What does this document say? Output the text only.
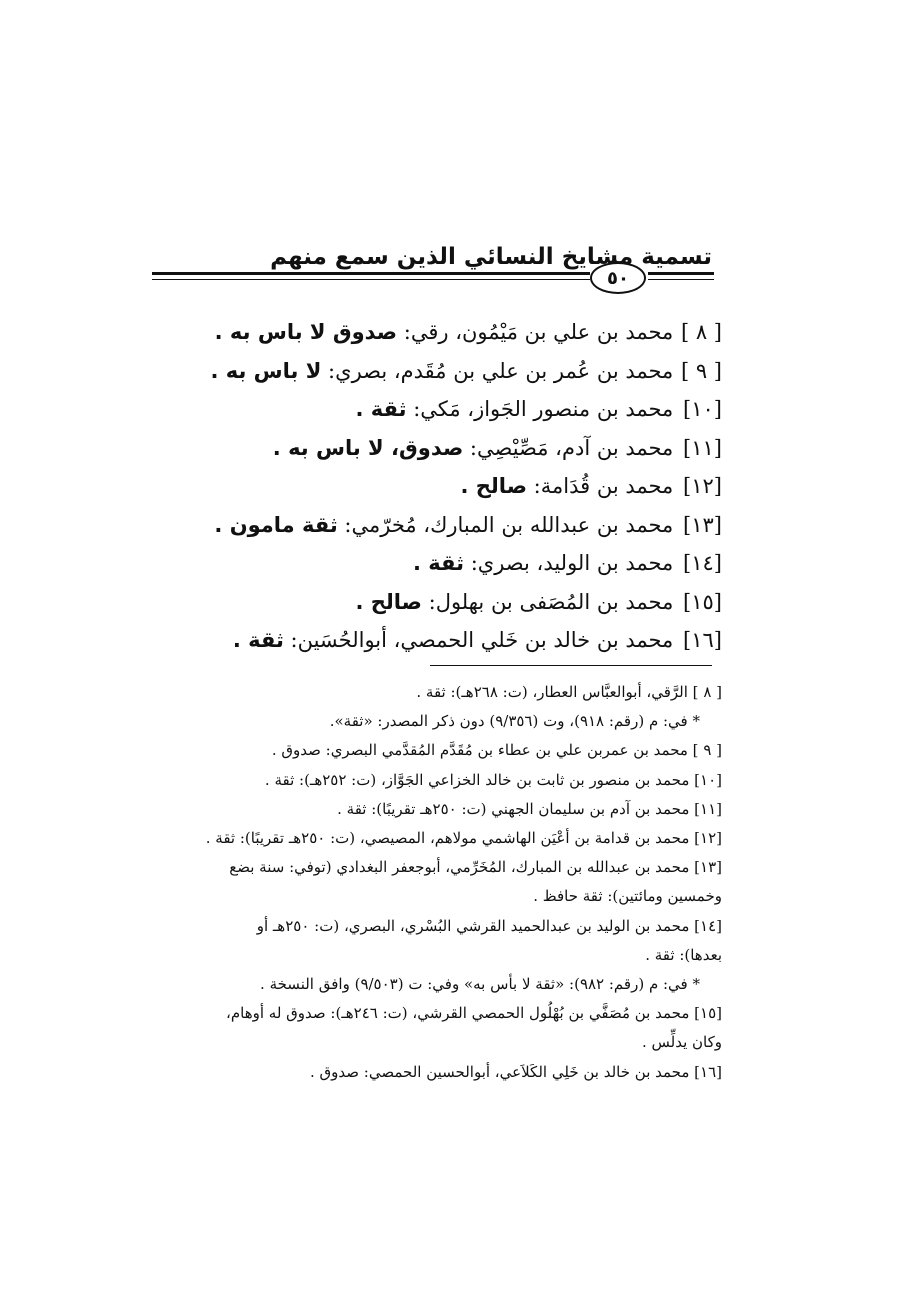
تسمية مشايخ النسائي الذين سمع منهم
٥٠
[ ٨ ] محمد بن علي بن مَيْمُون، رقي: صدوق لا باس به .
[ ٩ ] محمد بن عُمر بن علي بن مُقَدم، بصري: لا باس به .
[١٠] محمد بن منصور الجَواز، مَكي: ثقة .
[١١] محمد بن آدم، مَصِّيْصِي: صدوق، لا باس به .
[١٢] محمد بن قُدَامة: صالح .
[١٣] محمد بن عبدالله بن المبارك، مُخرّمي: ثقة مامون .
[١٤] محمد بن الوليد، بصري: ثقة .
[١٥] محمد بن المُصَفى بن بهلول: صالح .
[١٦] محمد بن خالد بن خَلي الحمصي، أبوالحُسَين: ثقة .
[ ٨ ] الرَّقي، أبوالعبَّاس العطار، (ت: ٢٦٨هـ): ثقة .
* في: م (رقم: ٩١٨)، وت (٩/٣٥٦) دون ذكر المصدر: «ثقة».
[ ٩ ] محمد بن عمربن علي بن عطاء بن مُقَدَّم المُقدَّمي البصري: صدوق .
[١٠] محمد بن منصور بن ثابت بن خالد الخزاعي الجَوَّاز، (ت: ٢٥٢هـ): ثقة .
[١١] محمد بن آدم بن سليمان الجهني (ت: ٢٥٠هـ تقريبًا): ثقة .
[١٢] محمد بن قدامة بن أعْيَن الهاشمي مولاهم، المصيصي، (ت: ٢٥٠هـ تقريبًا): ثقة .
[١٣] محمد بن عبدالله بن المبارك، المُخَرِّمي، أبوجعفر البغدادي (توفي: سنة بضع
وخمسين ومائتين): ثقة حافظ .
[١٤] محمد بن الوليد بن عبدالحميد القرشي البُسْري، البصري، (ت: ٢٥٠هـ أو
بعدها): ثقة .
* في: م (رقم: ٩٨٢): «ثقة لا بأس به» وفي: ت (٩/٥٠٣) وافق النسخة .
[١٥] محمد بن مُصَفَّي بن بُهْلُول الحمصي القرشي، (ت: ٢٤٦هـ): صدوق له أوهام،
وكان يدلِّس .
[١٦] محمد بن خالد بن خَلِي الكَلاَعي، أبوالحسين الحمصي: صدوق .
